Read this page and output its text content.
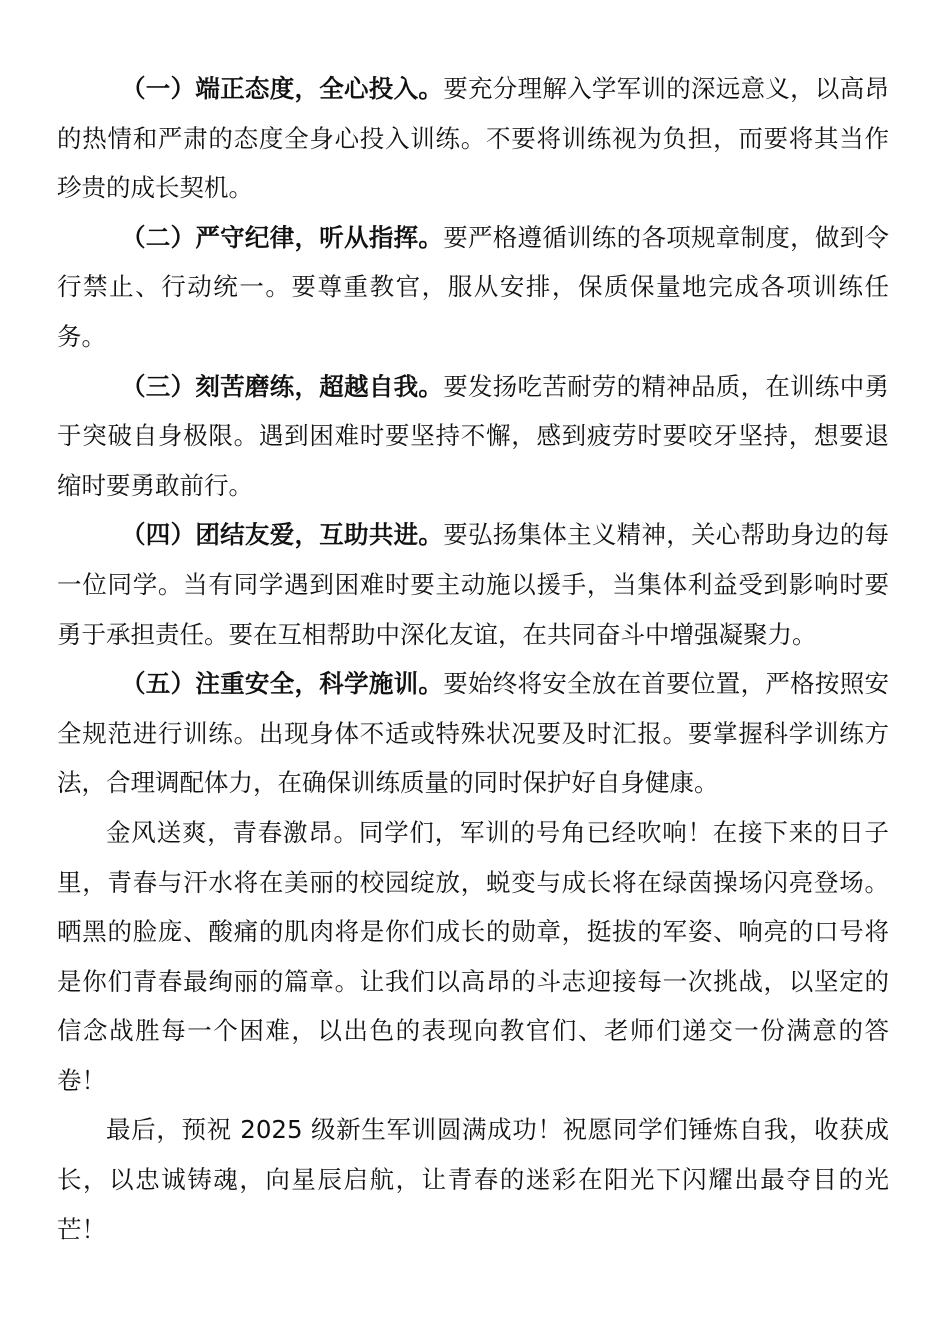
（一）端正态度，全心投入。要充分理解入学军训的深远意义，以高昂的热情和严肃的态度全身心投入训练。不要将训练视为负担，而要将其当作珍贵的成长契机。

（二）严守纪律，听从指挥。要严格遵循训练的各项规章制度，做到令行禁止、行动统一。要尊重教官，服从安排，保质保量地完成各项训练任务。

（三）刻苦磨练，超越自我。要发扬吃苦耐劳的精神品质，在训练中勇于突破自身极限。遇到困难时要坚持不懈，感到疲劳时要咬牙坚持，想要退缩时要勇敢前行。

（四）团结友爱，互助共进。要弘扬集体主义精神，关心帮助身边的每一位同学。当有同学遇到困难时要主动施以援手，当集体利益受到影响时要勇于承担责任。要在互相帮助中深化友谊，在共同奋斗中增强凝聚力。

（五）注重安全，科学施训。要始终将安全放在首要位置，严格按照安全规范进行训练。出现身体不适或特殊状况要及时汇报。要掌握科学训练方法，合理调配体力，在确保训练质量的同时保护好自身健康。

金风送爽，青春激昂。同学们，军训的号角已经吹响！在接下来的日子里，青春与汗水将在美丽的校园绽放，蜕变与成长将在绿茵操场闪亮登场。晒黑的脸庞、酸痛的肌肉将是你们成长的勋章，挺拔的军姿、响亮的口号将是你们青春最绚丽的篇章。让我们以高昂的斗志迎接每一次挑战，以坚定的信念战胜每一个困难，以出色的表现向教官们、老师们递交一份满意的答卷！

最后，预祝 2025 级新生军训圆满成功！祝愿同学们锤炼自我，收获成长，以忠诚铸魂，向星辰启航，让青春的迷彩在阳光下闪耀出最夺目的光芒！
